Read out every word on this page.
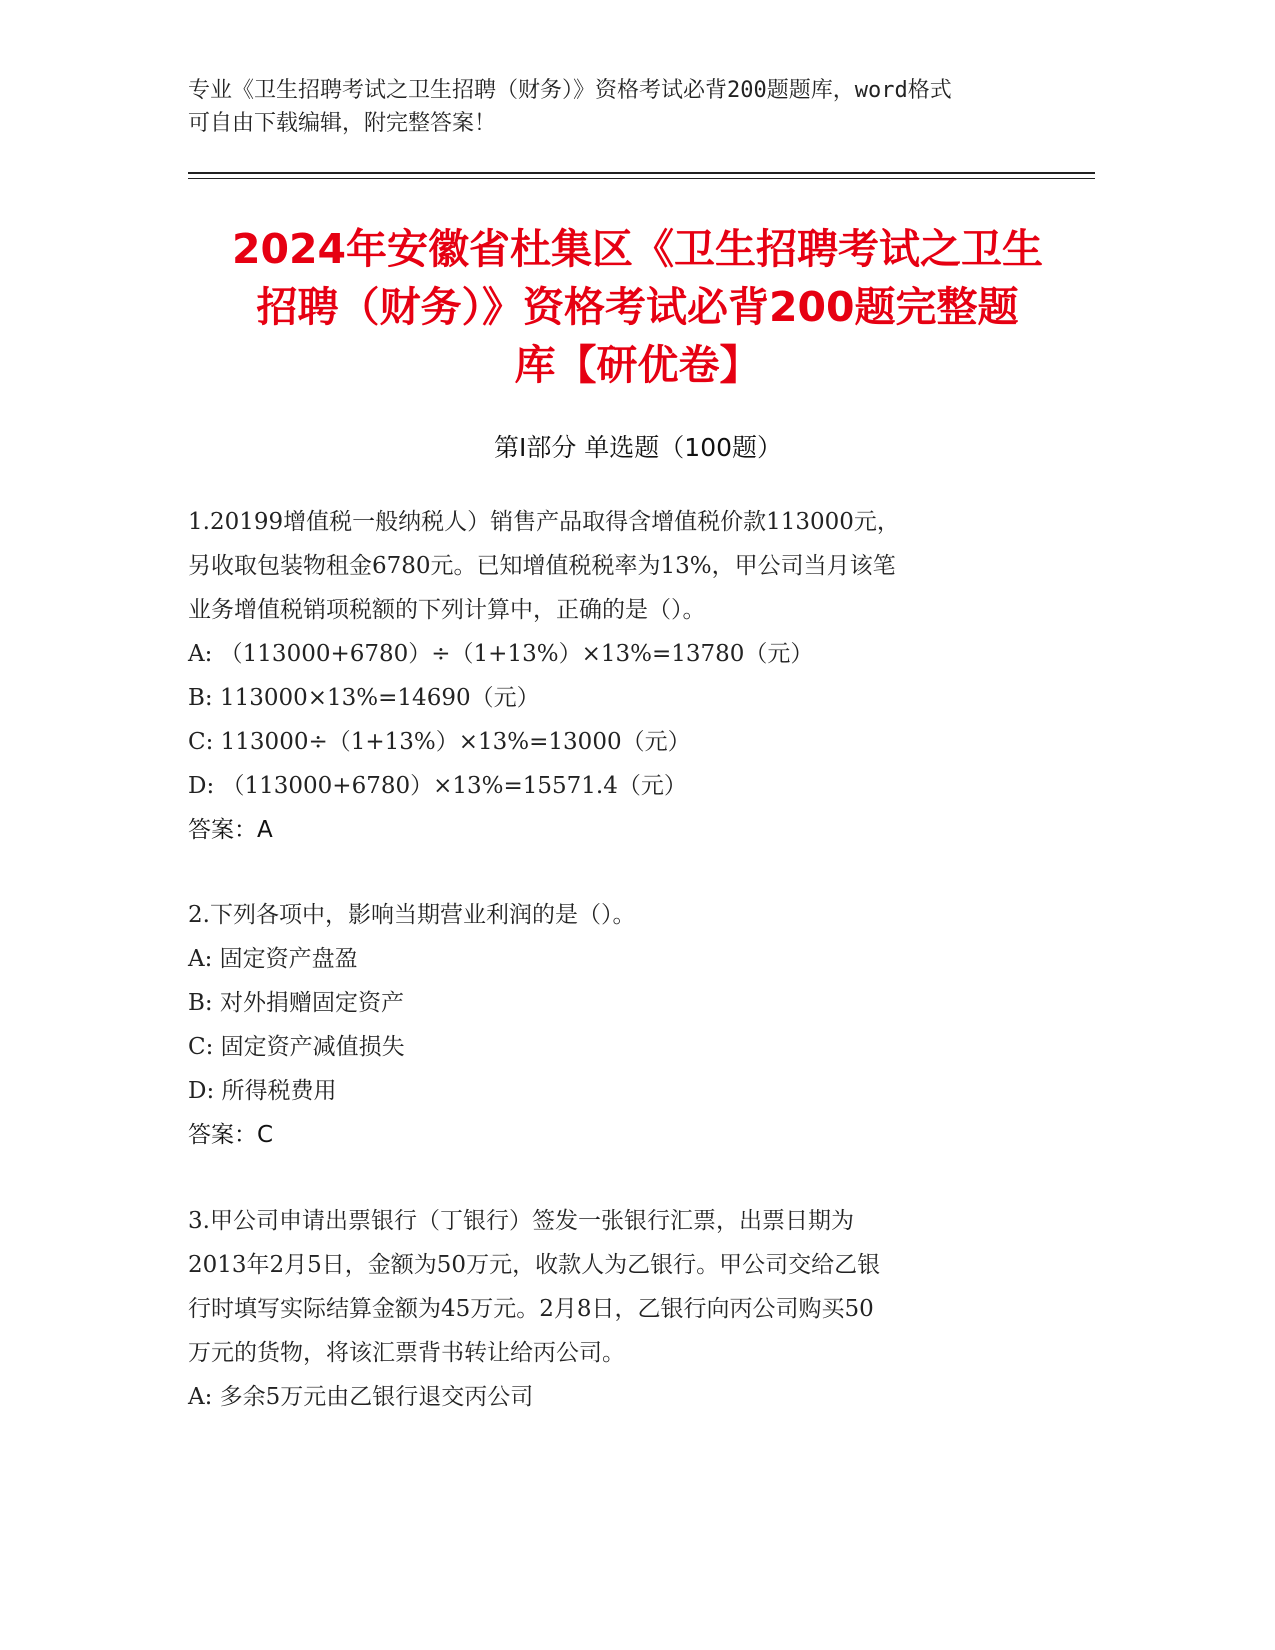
专业《卫生招聘考试之卫生招聘（财务）》资格考试必背200题题库，word格式
可自由下载编辑，附完整答案！
2024年安徽省杜集区《卫生招聘考试之卫生
招聘（财务）》资格考试必背200题完整题
库【研优卷】
第Ⅰ部分 单选题（100题）

1.20199增值税一般纳税人）销售产品取得含增值税价款113000元，

另收取包装物租金6780元。已知增值税税率为13%，甲公司当月该笔

业务增值税销项税额的下列计算中，正确的是（）。

A: （113000+6780）÷（1+13%）×13%=13780（元）

B: 113000×13%=14690（元）

C: 113000÷（1+13%）×13%=13000（元）

D: （113000+6780）×13%=15571.4（元）

答案：A

2.下列各项中，影响当期营业利润的是（）。

A: 固定资产盘盈

B: 对外捐赠固定资产

C: 固定资产减值损失

D: 所得税费用

答案：C

3.甲公司申请出票银行（丁银行）签发一张银行汇票，出票日期为

2013年2月5日，金额为50万元，收款人为乙银行。甲公司交给乙银

行时填写实际结算金额为45万元。2月8日，乙银行向丙公司购买50

万元的货物，将该汇票背书转让给丙公司。

A: 多余5万元由乙银行退交丙公司
